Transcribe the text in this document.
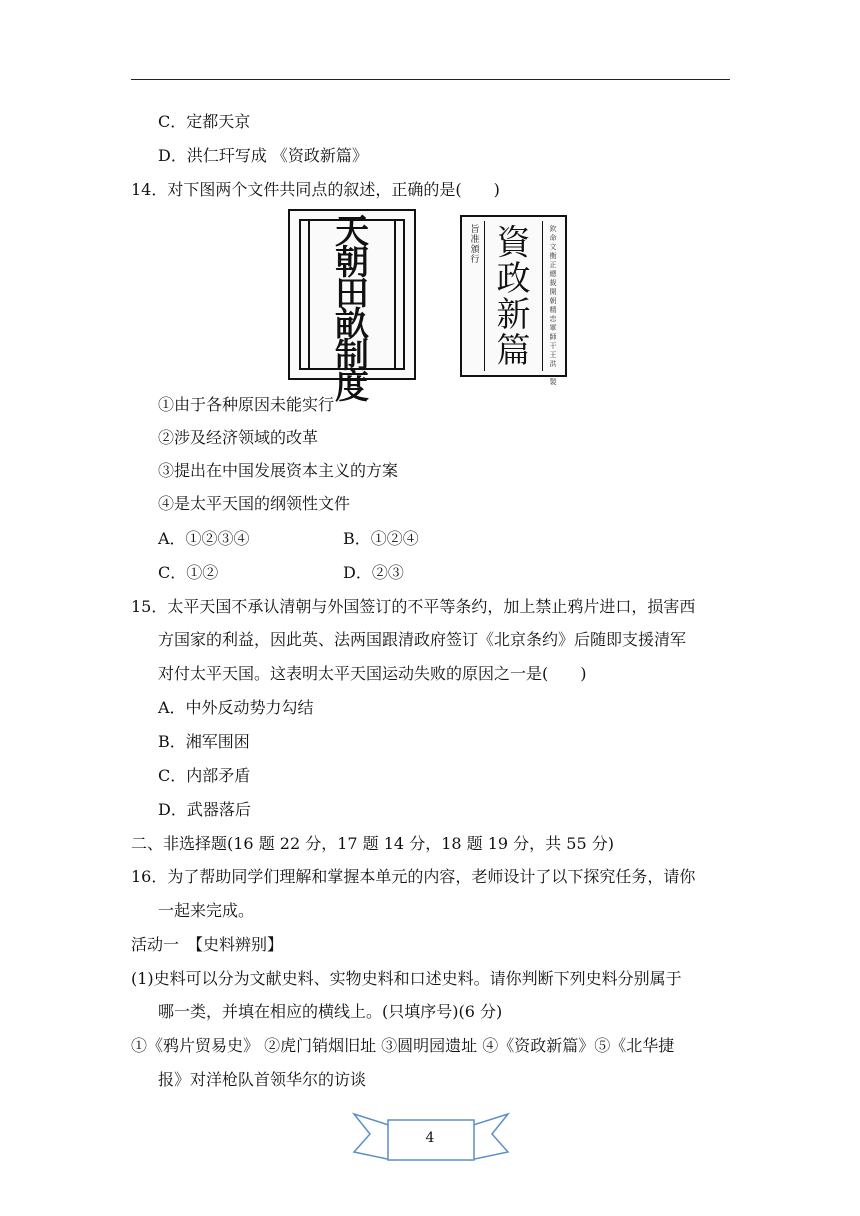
C．定都天京
D．洪仁玕写成 《资政新篇》
14．对下图两个文件共同点的叙述，正确的是(　　)
天
朝
田
畝
制
度
旨
准
頒
行 資
政
新
篇
欽
命
文
衡
正
總
裁
開
朝
精
忠
軍
師
干
王
洪

製

①由于各种原因未能实行
②涉及经济领域的改革
③提出在中国发展资本主义的方案
④是太平天国的纲领性文件
A．①②③④	B．①②④
C．①②	D．②③
15．太平天国不承认清朝与外国签订的不平等条约，加上禁止鸦片进口，损害西
方国家的利益，因此英、法两国跟清政府签订《北京条约》后随即支援清军
对付太平天国。这表明太平天国运动失败的原因之一是(　　)
A．中外反动势力勾结
B．湘军围困
C．内部矛盾
D．武器落后
二、非选择题(16 题 22 分，17 题 14 分，18 题 19 分，共 55 分)
16．为了帮助同学们理解和掌握本单元的内容，老师设计了以下探究任务，请你
一起来完成。
活动一　【史料辨别】
(1)史料可以分为文献史料、实物史料和口述史料。请你判断下列史料分别属于
哪一类，并填在相应的横线上。(只填序号)(6 分)
①《鸦片贸易史》 ②虎门销烟旧址 ③圆明园遗址 ④《资政新篇》⑤《北华捷
报》对洋枪队首领华尔的访谈
4
